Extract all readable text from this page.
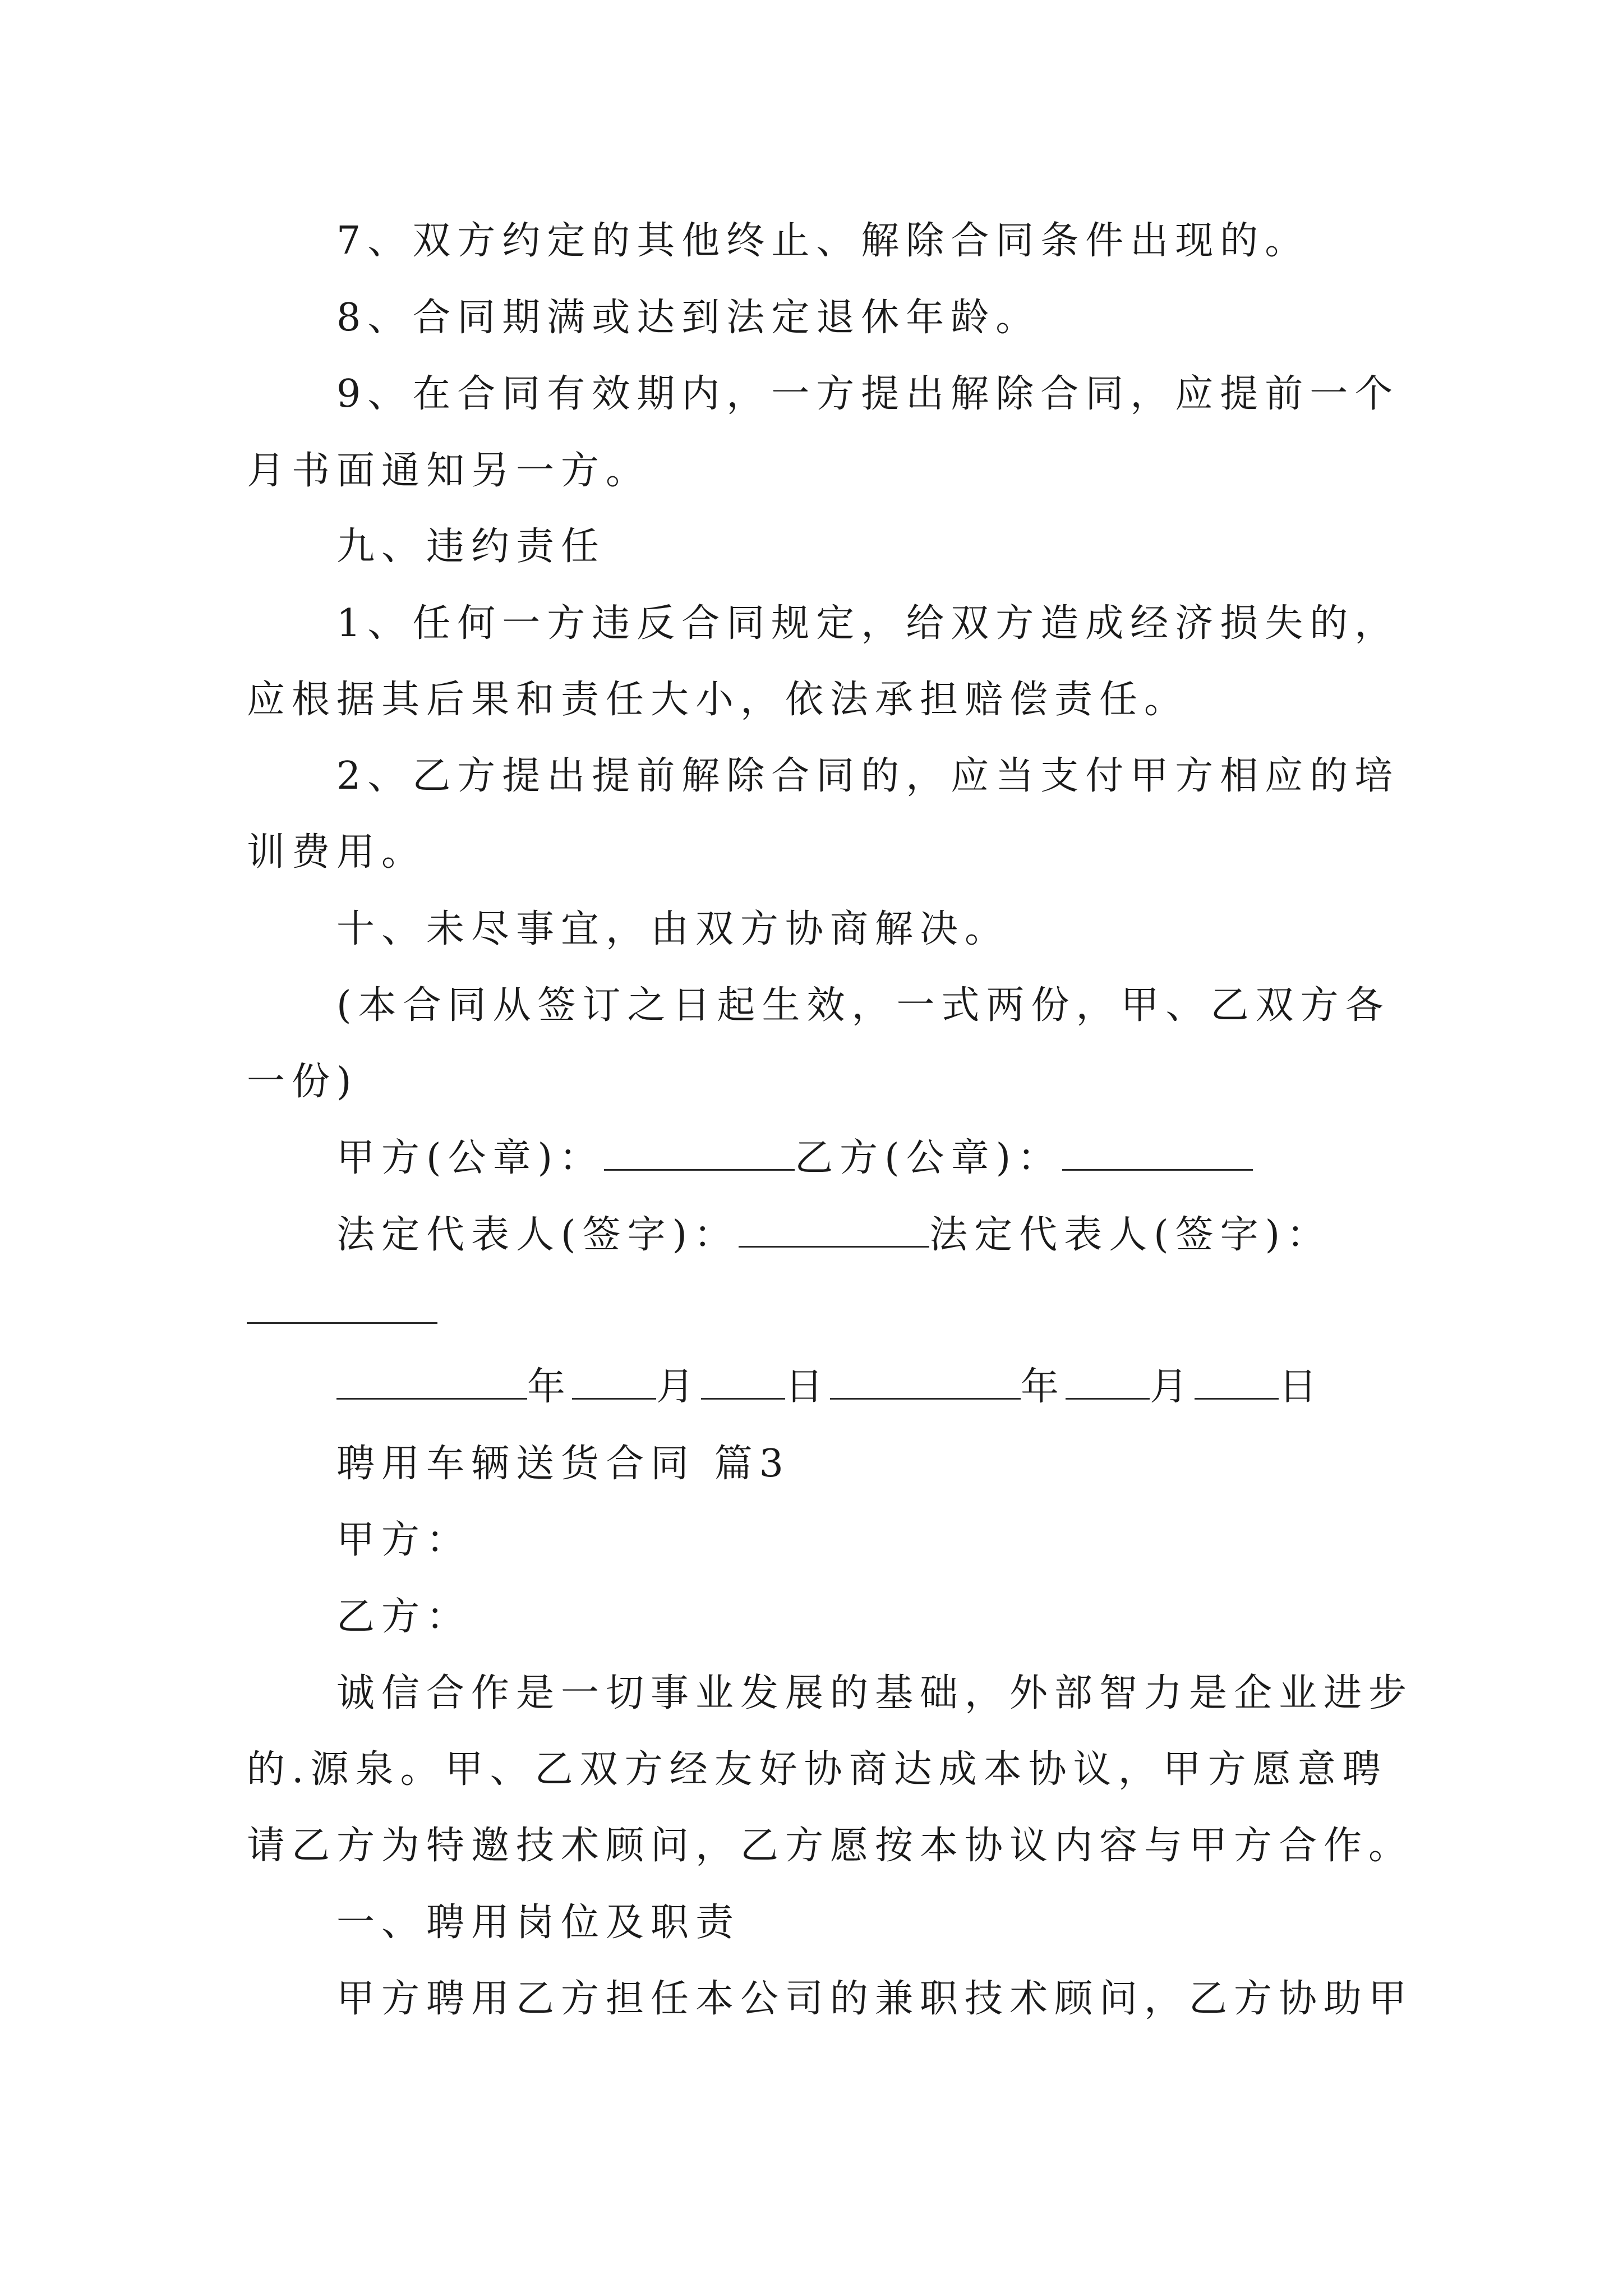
7、双方约定的其他终止、解除合同条件出现的。
8、合同期满或达到法定退休年龄。
9、在合同有效期内，一方提出解除合同，应提前一个
月书面通知另一方。
九、违约责任
1、任何一方违反合同规定，给双方造成经济损失的，
应根据其后果和责任大小，依法承担赔偿责任。
2、乙方提出提前解除合同的，应当支付甲方相应的培
训费用。
十、未尽事宜，由双方协商解决。
(本合同从签订之日起生效，一式两份，甲、乙双方各
一份)
甲方(公章)：	乙方(公章)：
法定代表人(签字)：	法定代表人(签字)：
年 月 日	年 月 日
聘用车辆送货合同 篇3
甲方：
乙方：
诚信合作是一切事业发展的基础，外部智力是企业进步
的.源泉。甲、乙双方经友好协商达成本协议，甲方愿意聘
请乙方为特邀技术顾问，乙方愿按本协议内容与甲方合作。
一、聘用岗位及职责
甲方聘用乙方担任本公司的兼职技术顾问，乙方协助甲
